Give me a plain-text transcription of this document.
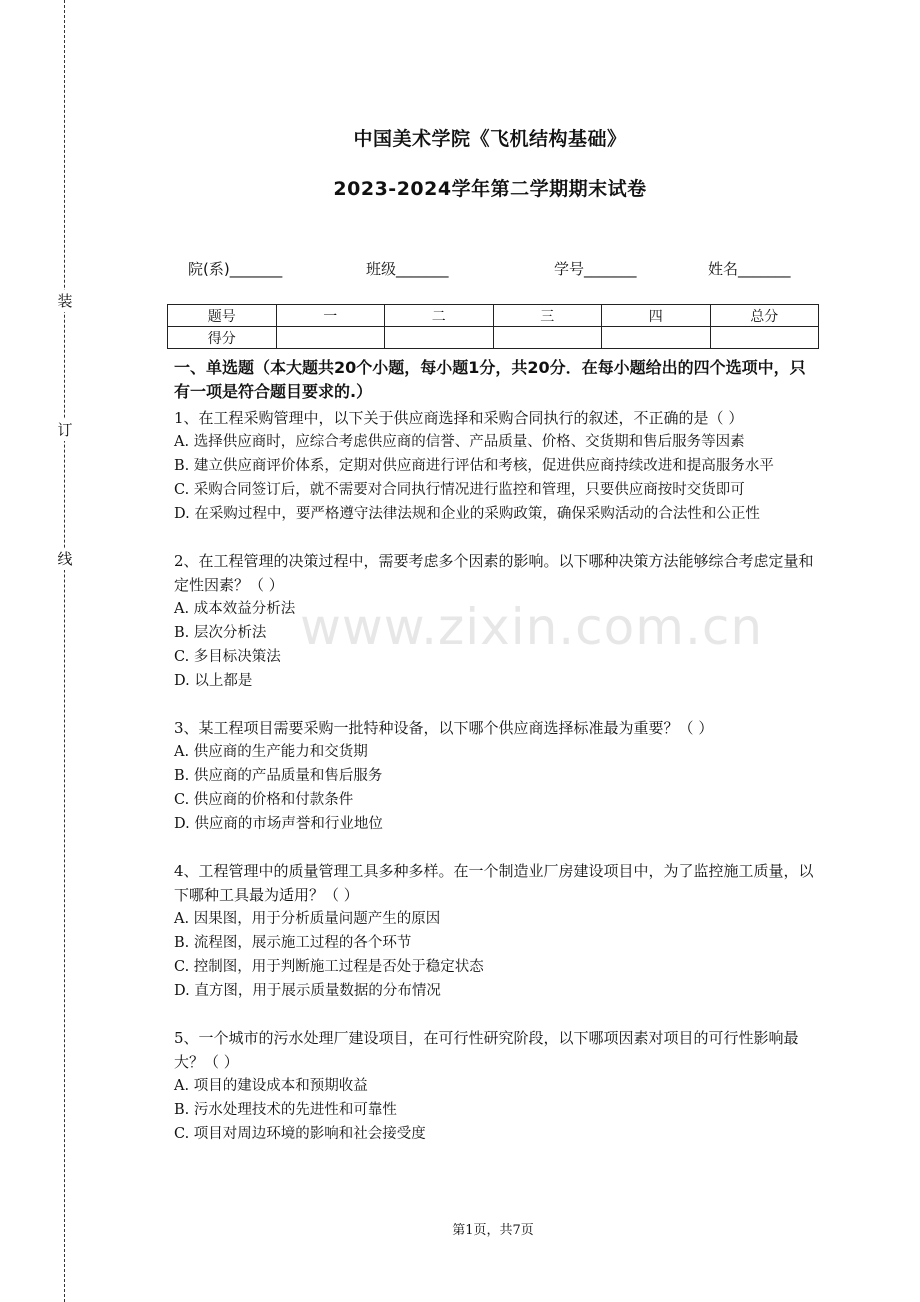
装
订
线
中国美术学院《飞机结构基础》
2023-2024学年第二学期期末试卷
院(系)_______	班级_______	学号_______	姓名_______
题号	一	二	三	四	总分
得分					

一、单选题（本大题共20个小题，每小题1分，共20分．在每小题给出的四个选项中，只有一项是符合题目要求的.）

1、在工程采购管理中，以下关于供应商选择和采购合同执行的叙述，不正确的是（ ）

A. 选择供应商时，应综合考虑供应商的信誉、产品质量、价格、交货期和售后服务等因素

B. 建立供应商评价体系，定期对供应商进行评估和考核，促进供应商持续改进和提高服务水平

C. 采购合同签订后，就不需要对合同执行情况进行监控和管理，只要供应商按时交货即可

D. 在采购过程中，要严格遵守法律法规和企业的采购政策，确保采购活动的合法性和公正性

2、在工程管理的决策过程中，需要考虑多个因素的影响。以下哪种决策方法能够综合考虑定量和定性因素？（ ）

A. 成本效益分析法

B. 层次分析法

C. 多目标决策法

D. 以上都是

3、某工程项目需要采购一批特种设备，以下哪个供应商选择标准最为重要？（ ）

A. 供应商的生产能力和交货期

B. 供应商的产品质量和售后服务

C. 供应商的价格和付款条件

D. 供应商的市场声誉和行业地位

4、工程管理中的质量管理工具多种多样。在一个制造业厂房建设项目中，为了监控施工质量，以下哪种工具最为适用？（ ）

A. 因果图，用于分析质量问题产生的原因

B. 流程图，展示施工过程的各个环节

C. 控制图，用于判断施工过程是否处于稳定状态

D. 直方图，用于展示质量数据的分布情况

5、一个城市的污水处理厂建设项目，在可行性研究阶段，以下哪项因素对项目的可行性影响最大？（ ）

A. 项目的建设成本和预期收益

B. 污水处理技术的先进性和可靠性

C. 项目对周边环境的影响和社会接受度

www.zixin.com.cn
第1页，共7页
